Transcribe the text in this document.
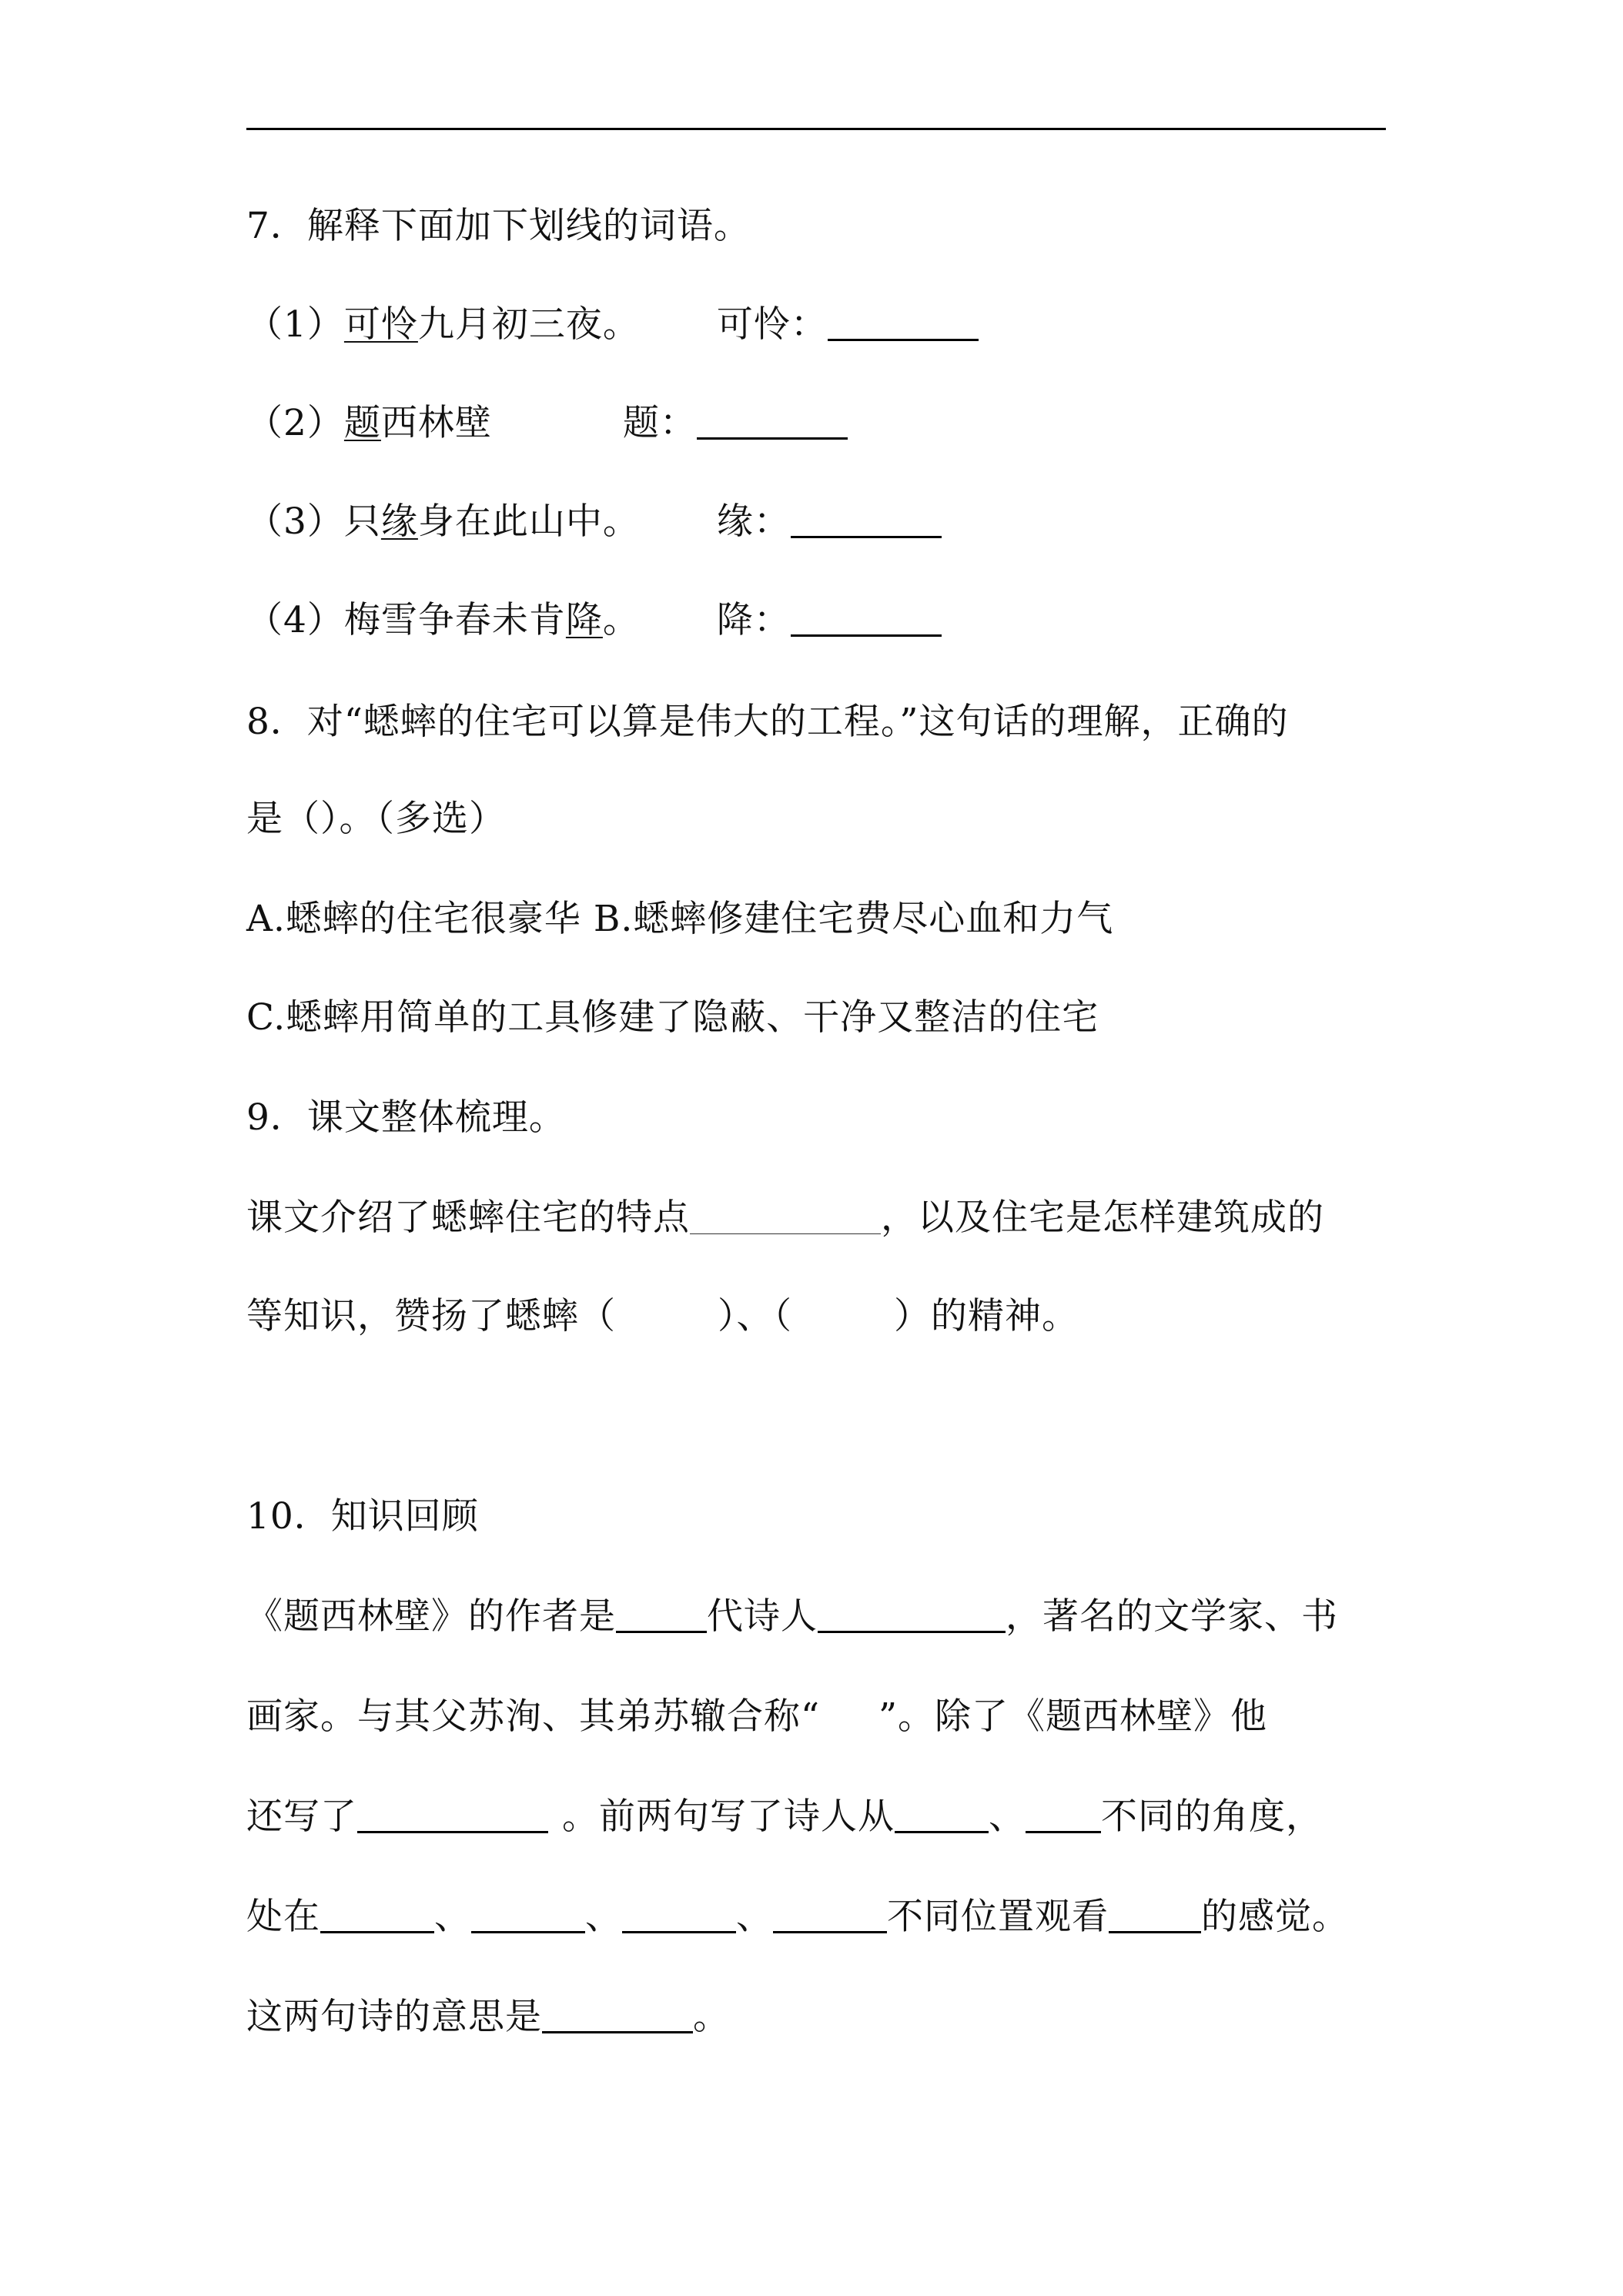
7．解释下面加下划线的词语。
（1）可怜九月初三夜。 可怜：
（2）题西林壁	题：
（3）只缘身在此山中。 缘：
（4）梅雪争春未肯降。 降：
8．对“蟋蟀的住宅可以算是伟大的工程。”这句话的理解，正确的
是（）。（多选）
A.蟋蟀的住宅很豪华 B.蟋蟀修建住宅费尽心血和力气
C.蟋蟀用简单的工具修建了隐蔽、干净又整洁的住宅
9．课文整体梳理。
课文介绍了蟋蟀住宅的特点	，以及住宅是怎样建筑成的
等知识，赞扬了蟋蟀（	）、（	）的精神。
10．知识回顾
《题西林壁》的作者是	代诗人	，著名的文学家、书
画家。与其父苏洵、其弟苏辙合称“ ”。除了《题西林壁》他
还写了	。前两句写了诗人从	、 不同的角度，
处在	、	、	、	不同位置观看	的感觉。
这两句诗的意思是	。
